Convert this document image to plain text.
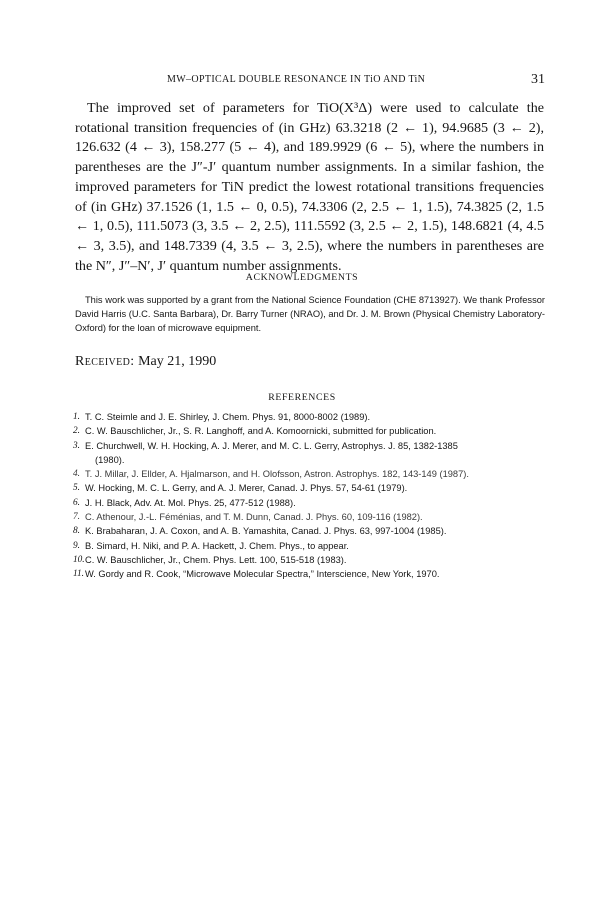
MW–OPTICAL DOUBLE RESONANCE IN TiO AND TiN	31

The improved set of parameters for TiO(X³Δ) were used to calculate the rotational transition frequencies of (in GHz) 63.3218 (2 ← 1), 94.9685 (3 ← 2), 126.632 (4 ← 3), 158.277 (5 ← 4), and 189.9929 (6 ← 5), where the numbers in parentheses are the J″-J′ quantum number assignments. In a similar fashion, the improved parameters for TiN predict the lowest rotational transitions frequencies of (in GHz) 37.1526 (1, 1.5 ← 0, 0.5), 74.3306 (2, 2.5 ← 1, 1.5), 74.3825 (2, 1.5 ← 1, 0.5), 111.5073 (3, 3.5 ← 2, 2.5), 111.5592 (3, 2.5 ← 2, 1.5), 148.6821 (4, 4.5 ← 3, 3.5), and 148.7339 (4, 3.5 ← 3, 2.5), where the numbers in parentheses are the N″, J″–N′, J′ quantum number assignments.

ACKNOWLEDGMENTS

This work was supported by a grant from the National Science Foundation (CHE 8713927). We thank Professor David Harris (U.C. Santa Barbara), Dr. Barry Turner (NRAO), and Dr. J. M. Brown (Physical Chemistry Laboratory-Oxford) for the loan of microwave equipment.

Received: May 21, 1990
REFERENCES
1. T. C. Steimle and J. E. Shirley, J. Chem. Phys. 91, 8000-8002 (1989).
2. C. W. Bauschlicher, Jr., S. R. Langhoff, and A. Komoornicki, submitted for publication.
3. E. Churchwell, W. H. Hocking, A. J. Merer, and M. C. L. Gerry, Astrophys. J. 85, 1382-1385
(1980).
4. T. J. Millar, J. Ellder, A. Hjalmarson, and H. Olofsson, Astron. Astrophys. 182, 143-149 (1987).
5. W. Hocking, M. C. L. Gerry, and A. J. Merer, Canad. J. Phys. 57, 54-61 (1979).
6. J. H. Black, Adv. At. Mol. Phys. 25, 477-512 (1988).
7. C. Athenour, J.-L. Féménias, and T. M. Dunn, Canad. J. Phys. 60, 109-116 (1982).
8. K. Brabaharan, J. A. Coxon, and A. B. Yamashita, Canad. J. Phys. 63, 997-1004 (1985).
9. B. Simard, H. Niki, and P. A. Hackett, J. Chem. Phys., to appear.
10. C. W. Bauschlicher, Jr., Chem. Phys. Lett. 100, 515-518 (1983).
11. W. Gordy and R. Cook, “Microwave Molecular Spectra,” Interscience, New York, 1970.
